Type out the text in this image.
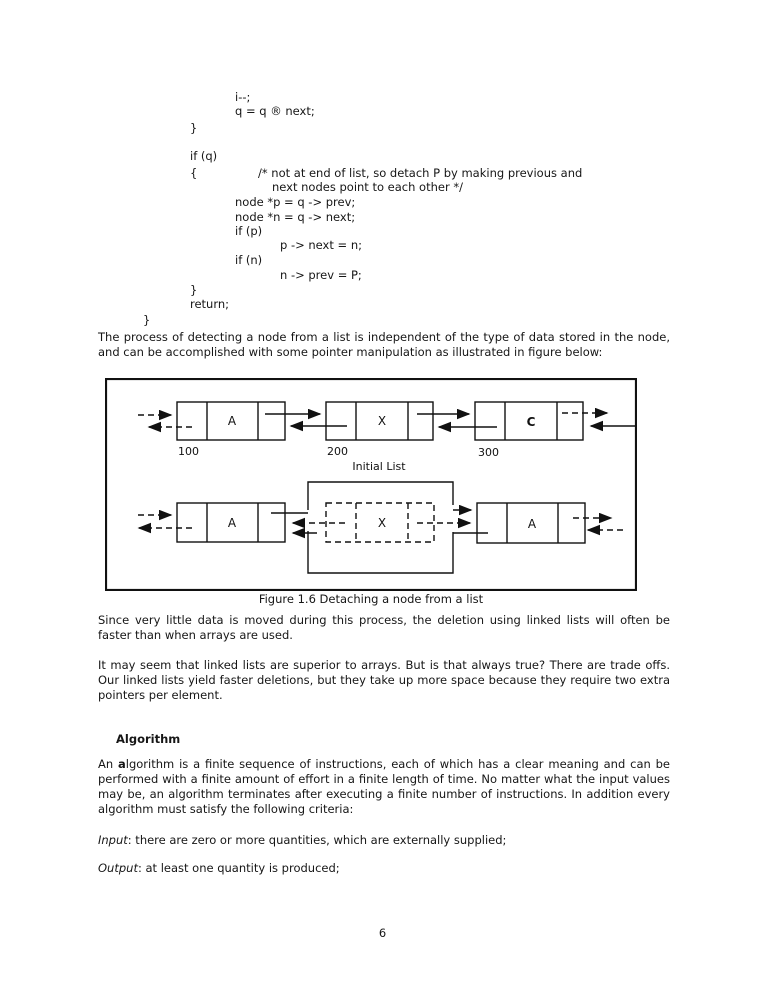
i--;
q = q ® next;
}
if (q)
{	/* not at end of list, so detach P by making previous and
next nodes point to each other */
node *p = q -> prev;
node *n = q -> next;
if (p)
p -> next = n;
if (n)
n -> prev = P;
}
return;
}
The process of detecting a node from a list is independent of the type of data stored in the node, and can be accomplished with some pointer manipulation as illustrated in figure below:
A	X	C
100	200	300
Initial List
A	X	A
Figure 1.6 Detaching a node from a list
Since very little data is moved during this process, the deletion using linked lists will often be faster than when arrays are used.
It may seem that linked lists are superior to arrays. But is that always true? There are trade offs. Our linked lists yield faster deletions, but they take up more space because they require two extra pointers per element.
Algorithm
An algorithm is a finite sequence of instructions, each of which has a clear meaning and can be performed with a finite amount of effort in a finite length of time. No matter what the input values may be, an algorithm terminates after executing a finite number of instructions. In addition every algorithm must satisfy the following criteria:
Input: there are zero or more quantities, which are externally supplied;
Output: at least one quantity is produced;
6
